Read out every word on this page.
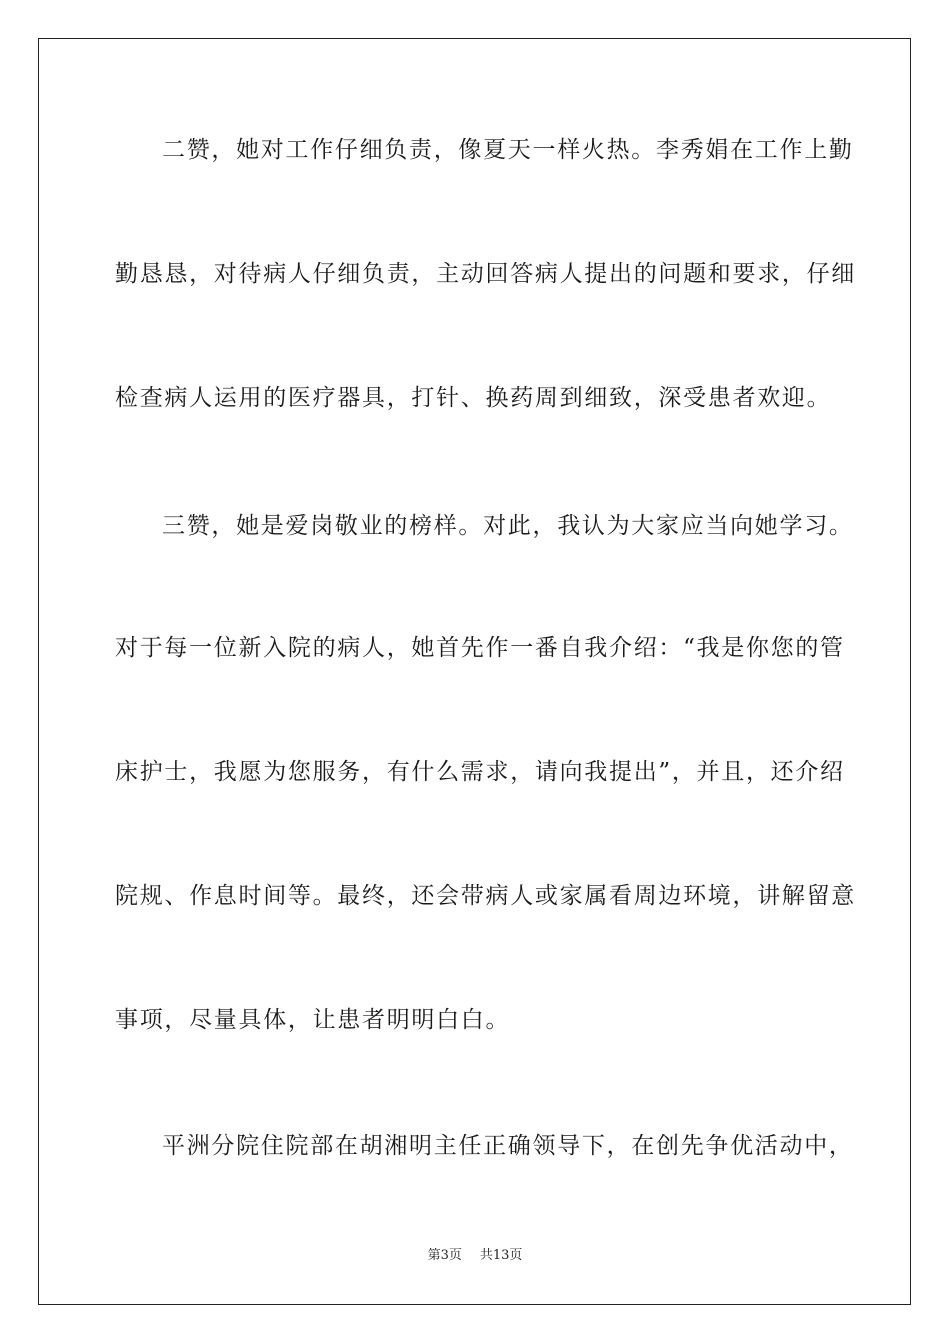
二赞，她对工作仔细负责，像夏天一样火热。李秀娟在工作上勤
勤恳恳，对待病人仔细负责，主动回答病人提出的问题和要求，仔细
检查病人运用的医疗器具，打针、换药周到细致，深受患者欢迎。
三赞，她是爱岗敬业的榜样。对此，我认为大家应当向她学习。
对于每一位新入院的病人，她首先作一番自我介绍：“我是你您的管
床护士，我愿为您服务，有什么需求，请向我提出”，并且，还介绍
院规、作息时间等。最终，还会带病人或家属看周边环境，讲解留意
事项，尽量具体，让患者明明白白。
平洲分院住院部在胡湘明主任正确领导下，在创先争优活动中，
第3页 共13页
